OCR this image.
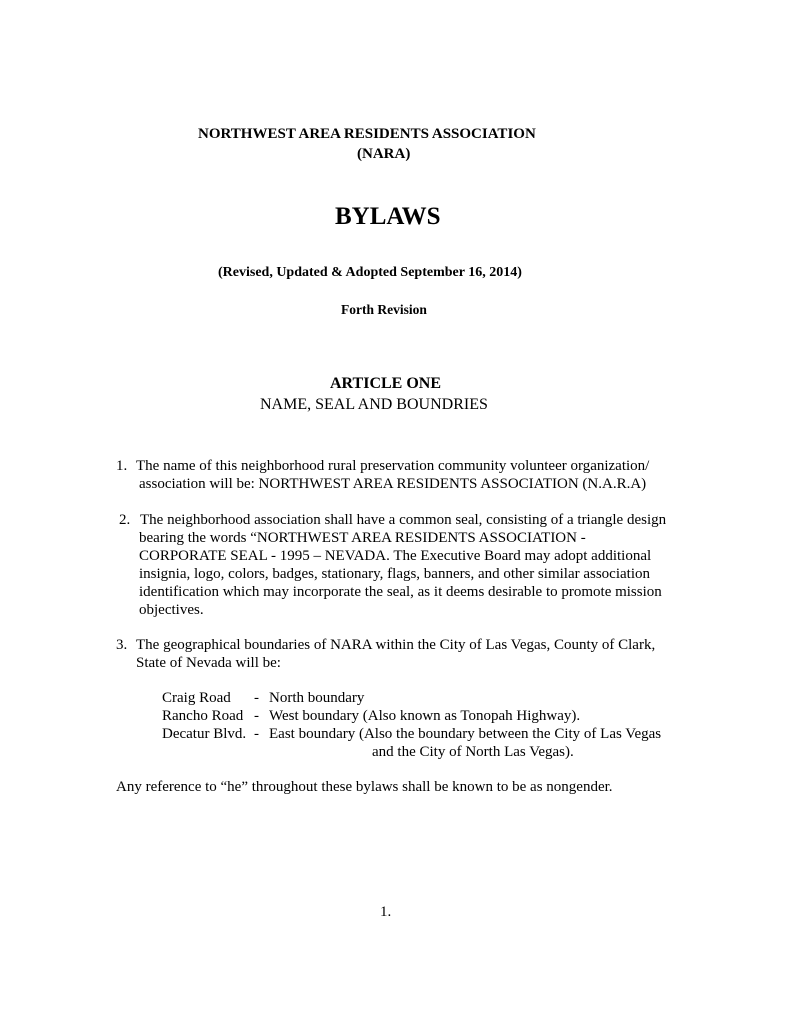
NORTHWEST AREA RESIDENTS ASSOCIATION

(NARA)

BYLAWS

(Revised, Updated & Adopted September 16, 2014)

Forth Revision

ARTICLE ONE

NAME, SEAL AND BOUNDRIES

1. The name of this neighborhood rural preservation community volunteer organization/
association will be: NORTHWEST AREA RESIDENTS ASSOCIATION (N.A.R.A)
2. The neighborhood association shall have a common seal, consisting of a triangle design
bearing the words “NORTHWEST AREA RESIDENTS ASSOCIATION -
CORPORATE SEAL - 1995 – NEVADA. The Executive Board may adopt additional
insignia, logo, colors, badges, stationary, flags, banners, and other similar association
identification which may incorporate the seal, as it deems desirable to promote mission
objectives.
3. The geographical boundaries of NARA within the City of Las Vegas, County of Clark,
State of Nevada will be:
Craig Road - North boundary
Rancho Road - West boundary (Also known as Tonopah Highway).
Decatur Blvd. - East boundary (Also the boundary between the City of Las Vegas
and the City of North Las Vegas).

Any reference to “he” throughout these bylaws shall be known to be as nongender.

1.
